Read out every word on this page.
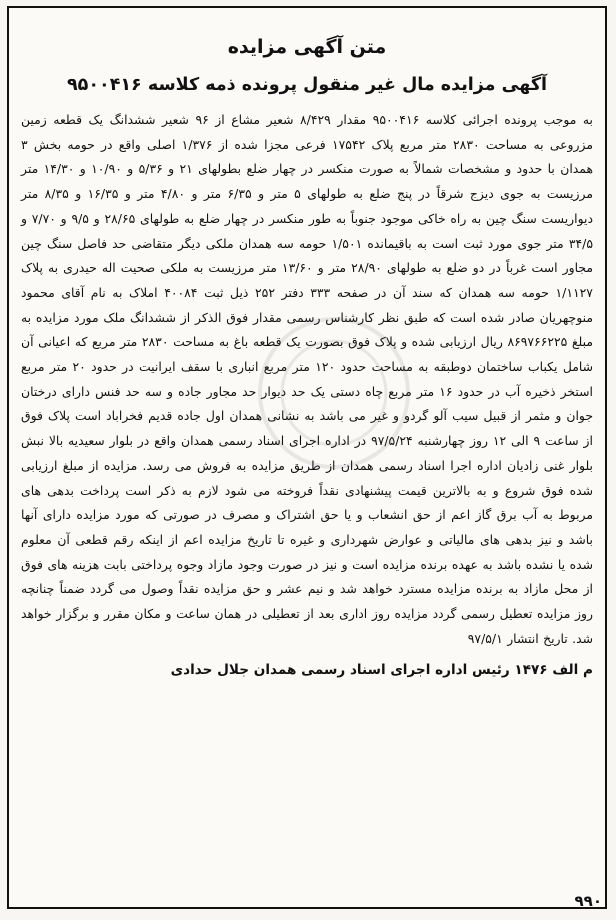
متن آگهی مزایده
آگهی مزایده مال غیر منقول پرونده ذمه کلاسه ۹۵۰۰۴۱۶
به موجب پرونده اجرائی کلاسه ۹۵۰۰۴۱۶ مقدار ۸/۴۲۹ شعیر مشاع از ۹۶ شعیر ششدانگ یک قطعه زمین مزروعی به مساحت ۲۸۳۰ متر مربع پلاک ۱۷۵۴۲ فرعی مجزا شده از ۱/۳۷۶ اصلی واقع در حومه بخش ۳ همدان با حدود و مشخصات شمالاً به صورت منکسر در چهار ضلع بطولهای ۲۱ و ۵/۳۶ و ۱۰/۹۰ و ۱۴/۳۰ متر مرزیست به جوی دیزج شرقاً در پنج ضلع به طولهای ۵ متر و ۶/۳۵ متر و ۴/۸۰ متر و ۱۶/۳۵ و ۸/۳۵ متر دیواریست سنگ چین به راه خاکی موجود جنوباً به طور منکسر در چهار ضلع به طولهای ۲۸/۶۵ و ۹/۵ و ۷/۷۰ و ۳۴/۵ متر جوی مورد ثبت است به باقیمانده ۱/۵۰۱ حومه سه همدان ملکی دیگر متقاضی حد فاصل سنگ چین مجاور است غرباً در دو ضلع به طولهای ۲۸/۹۰ متر و ۱۳/۶۰ متر مرزیست به ملکی صحیت اله حیدری به پلاک ۱/۱۱۲۷ حومه سه همدان که سند آن در صفحه ۳۳۳ دفتر ۲۵۲ ذیل ثبت ۴۰۰۸۴ املاک به نام آقای محمود منوچهریان صادر شده است که طبق نظر کارشناس رسمی مقدار فوق الذکر از ششدانگ ملک مورد مزایده به مبلغ ۸۶۹۷۶۶۲۲۵ ریال ارزیابی شده و پلاک فوق بصورت یک قطعه باغ به مساحت ۲۸۳۰ متر مربع که اعیانی آن شامل یکباب ساختمان دوطبقه به مساحت حدود ۱۲۰ متر مربع انباری با سقف ایرانیت در حدود ۲۰ متر مربع استخر ذخیره آب در حدود ۱۶ متر مربع چاه دستی یک حد دیوار حد مجاور جاده و سه حد فنس دارای درختان جوان و مثمر از قبیل سیب آلو گردو و غیر می باشد به نشانی همدان اول جاده قدیم فخراباد است پلاک فوق از ساعت ۹ الی ۱۲ روز چهارشنبه ۹۷/۵/۲۴ در اداره اجرای اسناد رسمی همدان واقع در بلوار سعیدیه بالا نبش بلوار غنی زادیان اداره اجرا اسناد رسمی همدان از طریق مزایده به فروش می رسد. مزایده از مبلغ ارزیابی شده فوق شروع و به بالاترین قیمت پیشنهادی نقداً فروخته می شود لازم به ذکر است پرداخت بدهی های مربوط به آب برق گاز اعم از حق انشعاب و یا حق اشتراک و مصرف در صورتی که مورد مزایده دارای آنها باشد و نیز بدهی های مالیاتی و عوارض شهرداری و غیره تا تاریخ مزایده اعم از اینکه رقم قطعی آن معلوم شده یا نشده باشد به عهده برنده مزایده است و نیز در صورت وجود مازاد وجوه پرداختی بابت هزینه های فوق از محل مازاد به برنده مزایده مسترد خواهد شد و نیم عشر و حق مزایده نقداً وصول می گردد ضمناً چنانچه روز مزایده تعطیل رسمی گردد مزایده روز اداری بعد از تعطیلی در همان ساعت و مکان مقرر و برگزار خواهد شد. تاریخ انتشار ۹۷/۵/۱
م الف ۱۴۷۶ رئیس اداره اجرای اسناد رسمی همدان جلال حدادی
۹۹۰
